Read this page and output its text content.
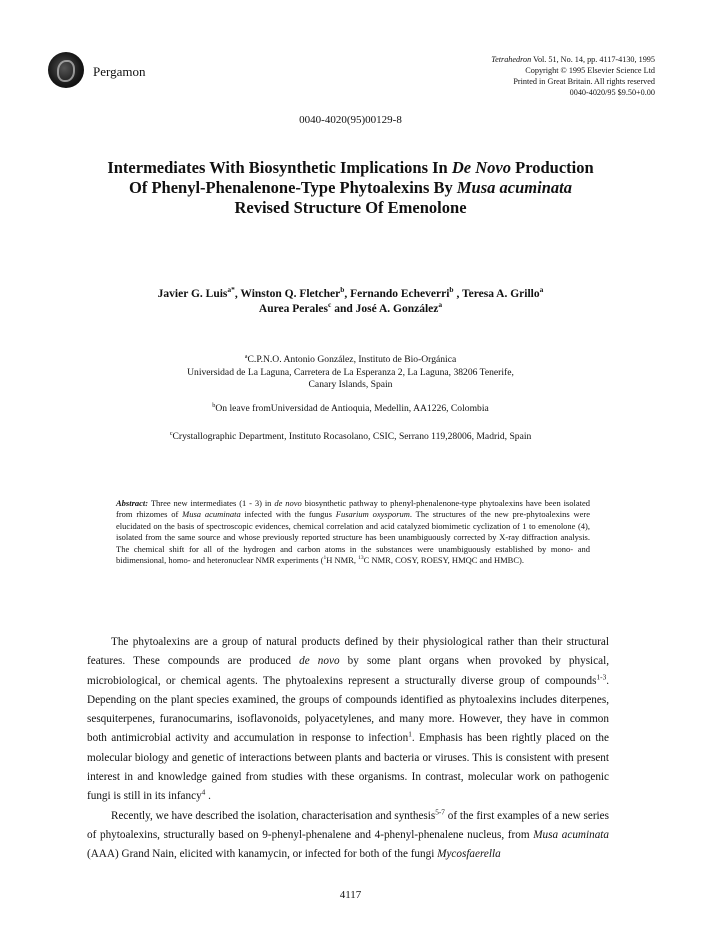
Pergamon
Tetrahedron Vol. 51, No. 14, pp. 4117-4130, 1995
Copyright © 1995 Elsevier Science Ltd
Printed in Great Britain. All rights reserved
0040-4020/95 $9.50+0.00
0040-4020(95)00129-8
Intermediates With Biosynthetic Implications In De Novo Production
Of Phenyl-Phenalenone-Type Phytoalexins By Musa acuminata
Revised Structure Of Emenolone
Javier G. Luis$^{a*}$, Winston Q. Fletcher$^b$, Fernando Echeverri$^b$ , Teresa A. Grillo$^a$
Aurea Perales$^c$ and José A. González$^a$
$^a$C.P.N.O. Antonio González, Instituto de Bio-Orgánica
Universidad de La Laguna, Carretera de La Esperanza 2, La Laguna, 38206 Tenerife,
Canary Islands, Spain
$^b$On leave fromUniversidad de Antioquia, Medellin, AA1226, Colombia
$^c$Crystallographic Department, Instituto Rocasolano, CSIC, Serrano 119,28006, Madrid, Spain
Abstract: Three new intermediates (1 - 3) in de novo biosynthetic pathway to phenyl-phenalenone-type phytoalexins have been isolated from rhizomes of Musa acuminata infected with the fungus Fusarium oxysporum. The structures of the new pre-phytoalexins were elucidated on the basis of spectroscopic evidences, chemical correlation and acid catalyzed biomimetic cyclization of 1 to emenolone (4), isolated from the same source and whose previously reported structure has been unambiguously corrected by X-ray diffraction analysis. The chemical shift for all of the hydrogen and carbon atoms in the substances were unambiguously established by mono- and bidimensional, homo- and heteronuclear NMR experiments ($^1$H NMR, $^{13}$C NMR, COSY, ROESY, HMQC and HMBC).

The phytoalexins are a group of natural products defined by their physiological rather than their structural features. These compounds are produced de novo by some plant organs when provoked by physical, microbiological, or chemical agents. The phytoalexins represent a structurally diverse group of compounds$^{1-3}$. Depending on the plant species examined, the groups of compounds identified as phytoalexins includes diterpenes, sesquiterpenes, furanocumarins, isoflavonoids, polyacetylenes, and many more. However, they have in common both antimicrobial activity and accumulation in response to infection$^1$. Emphasis has been rightly placed on the molecular biology and genetic of interactions between plants and bacteria or viruses. This is consistent with present interest in and knowledge gained from studies with these organisms. In contrast, molecular work on pathogenic fungi is still in its infancy$^4$ .

Recently, we have described the isolation, characterisation and synthesis$^{5-7}$ of the first examples of a new series of phytoalexins, structurally based on 9-phenyl-phenalene and 4-phenyl-phenalene nucleus, from Musa acuminata (AAA) Grand Nain, elicited with kanamycin, or infected for both of the fungi Mycosfaerella

4117
